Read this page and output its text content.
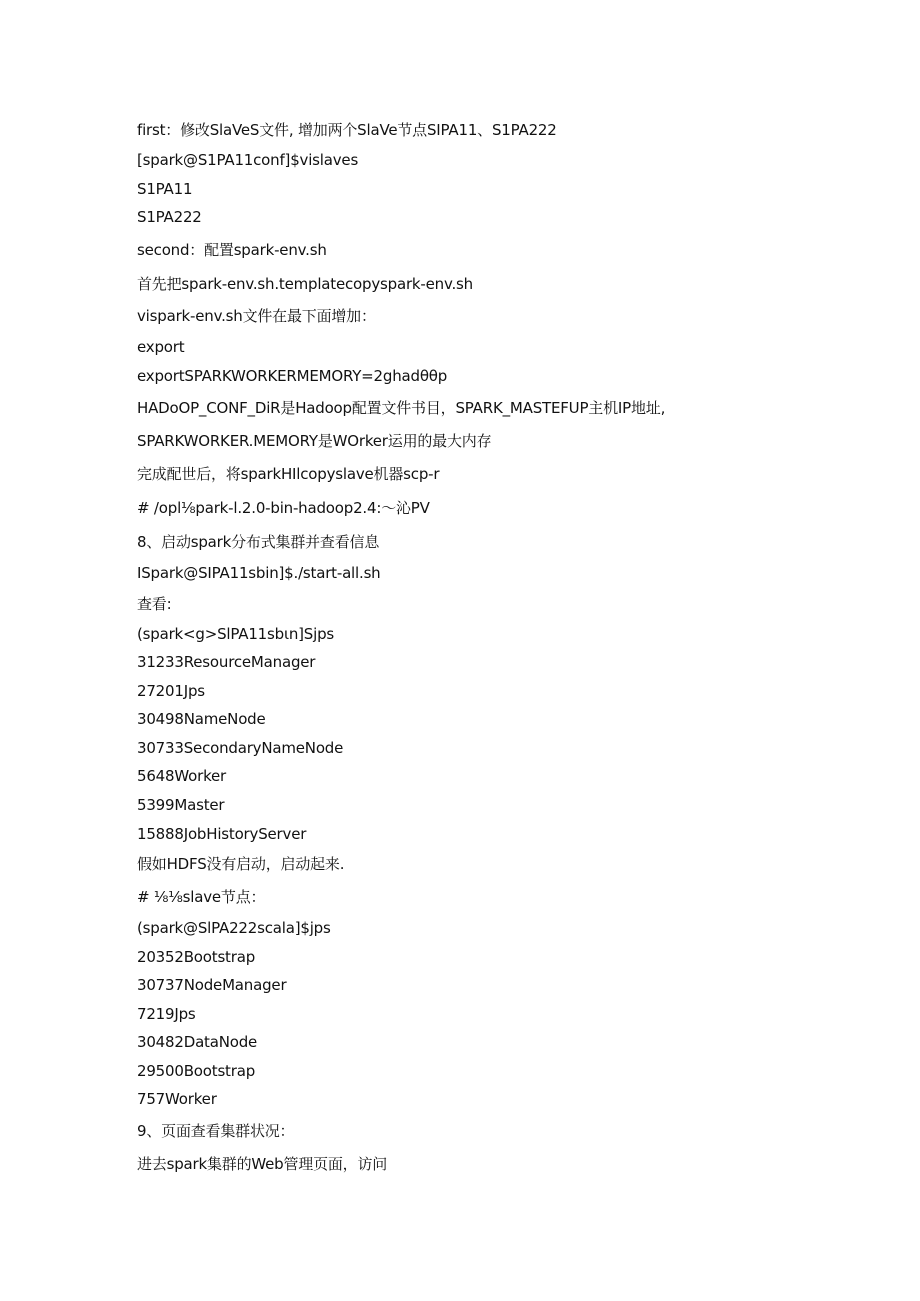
first：修改SlaVeS文件, 增加两个SlaVe节点SIPA11、S1PA222
[spark@S1PA11conf]$vislaves
S1PA11
S1PA222
second：配置spark-env.sh
首先把spark-env.sh.templatecopyspark-env.sh
vispark-env.sh文件在最下面增加：
export
exportSPARKWORKERMEMORY=2ghadθθp
HADoOP_CONF_DiR是Hadoop配置文件书目，SPARK_MASTEFUP主机IP地址,
SPARKWORKER.MEMORY是WOrker运用的最大内存
完成配世后，将sparkHIlcopyslave机器scp-r
# /opl⅛park-l.2.0-bin-hadoop2.4:～沁PV
8、启动spark分布式集群并查看信息
ISpark@SIPA11sbin]$./start-all.sh
查看:
(spark<g>SlPA11sbιn]Sjps
31233ResourceManager
27201Jps
30498NameNode
30733SecondaryNameNode
5648Worker
5399Master
15888JobHistoryServer
假如HDFS没有启动，启动起来.
# ⅛⅛slave节点：
(spark@SlPA222scala]$jps
20352Bootstrap
30737NodeManager
7219Jps
30482DataNode
29500Bootstrap
757Worker
9、页面查看集群状况：
进去spark集群的Web管理页面，访问
